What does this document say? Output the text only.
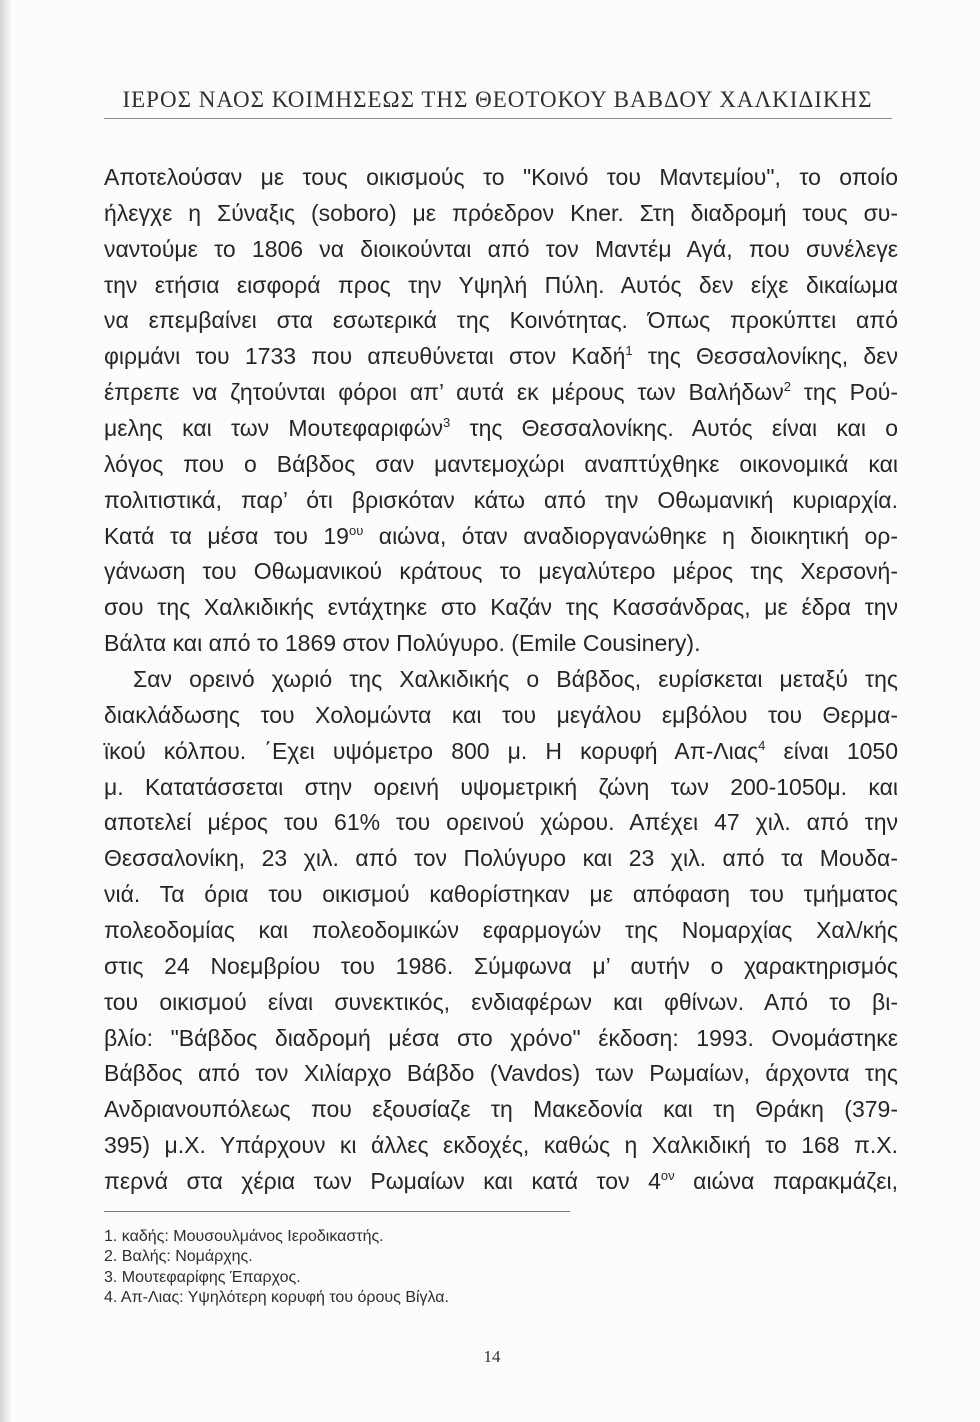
ΙΕΡΟΣ ΝΑΟΣ ΚΟΙΜΗΣΕΩΣ ΤΗΣ ΘΕΟΤΟΚΟΥ ΒΑΒΔΟΥ ΧΑΛΚΙΔΙΚΗΣ
Αποτελούσαν με τους οικισμούς το "Κοινό του Μαντεμίου", το οποίο
ήλεγχε η Σύναξις (soboro) με πρόεδρον Kner. Στη διαδρομή τους συ-
ναντούμε το 1806 να διοικούνται από τον Μαντέμ Αγά, που συνέλεγε
την ετήσια εισφορά προς την Υψηλή Πύλη. Αυτός δεν είχε δικαίωμα
να επεμβαίνει στα εσωτερικά της Κοινότητας. Όπως προκύπτει από
φιρμάνι του 1733 που απευθύνεται στον Καδή$^1$ της Θεσσαλονίκης, δεν
έπρεπε να ζητούνται φόροι απ’ αυτά εκ μέρους των Βαλήδων$^2$ της Ρού-
μελης και των Μουτεφαριφών$^3$ της Θεσσαλονίκης. Αυτός είναι και ο
λόγος που ο Βάβδος σαν μαντεμοχώρι αναπτύχθηκε οικονομικά και
πολιτιστικά, παρ’ ότι βρισκόταν κάτω από την Οθωμανική κυριαρχία.
Κατά τα μέσα του $19^{o\upsilon}$ αιώνα, όταν αναδιοργανώθηκε η διοικητική ορ-
γάνωση του Οθωμανικού κράτους το μεγαλύτερο μέρος της Χερσονή-
σου της Χαλκιδικής εντάχτηκε στο Καζάν της Κασσάνδρας, με έδρα την
Βάλτα και από το 1869 στον Πολύγυρο. (Emile Cousinery).
Σαν ορεινό χωριό της Χαλκιδικής ο Βάβδος, ευρίσκεται μεταξύ της
διακλάδωσης του Χολομώντα και του μεγάλου εμβόλου του Θερμα-
ϊκού κόλπου. ΄Εχει υψόμετρο 800 μ. Η κορυφή Απ-Λιας$^4$ είναι 1050
μ. Κατατάσσεται στην ορεινή υψομετρική ζώνη των 200-1050μ. και
αποτελεί μέρος του 61% του ορεινού χώρου. Απέχει 47 χιλ. από την
Θεσσαλονίκη, 23 χιλ. από τον Πολύγυρο και 23 χιλ. από τα Μουδα-
νιά. Τα όρια του οικισμού καθορίστηκαν με απόφαση του τμήματος
πολεοδομίας και πολεοδομικών εφαρμογών της Νομαρχίας Χαλ/κής
στις 24 Νοεμβρίου του 1986. Σύμφωνα μ’ αυτήν ο χαρακτηρισμός
του οικισμού είναι συνεκτικός, ενδιαφέρων και φθίνων. Από το βι-
βλίο: "Βάβδος διαδρομή μέσα στο χρόνο" έκδοση: 1993. Ονομάστηκε
Βάβδος από τον Χιλίαρχο Βάβδο (Vavdos) των Ρωμαίων, άρχοντα της
Ανδριανουπόλεως που εξουσίαζε τη Μακεδονία και τη Θράκη (379-
395) μ.Χ. Υπάρχουν κι άλλες εκδοχές, καθώς η Χαλκιδική το 168 π.Χ.
περνά στα χέρια των Ρωμαίων και κατά τον $4^{o\nu}$ αιώνα παρακμάζει,
1. καδής: Μουσουλμάνος Ιεροδικαστής.
2. Βαλής: Νομάρχης.
3. Μουτεφαρίφης Έπαρχος.
4. Απ-Λιας: Υψηλότερη κορυφή του όρους Βίγλα.
14
